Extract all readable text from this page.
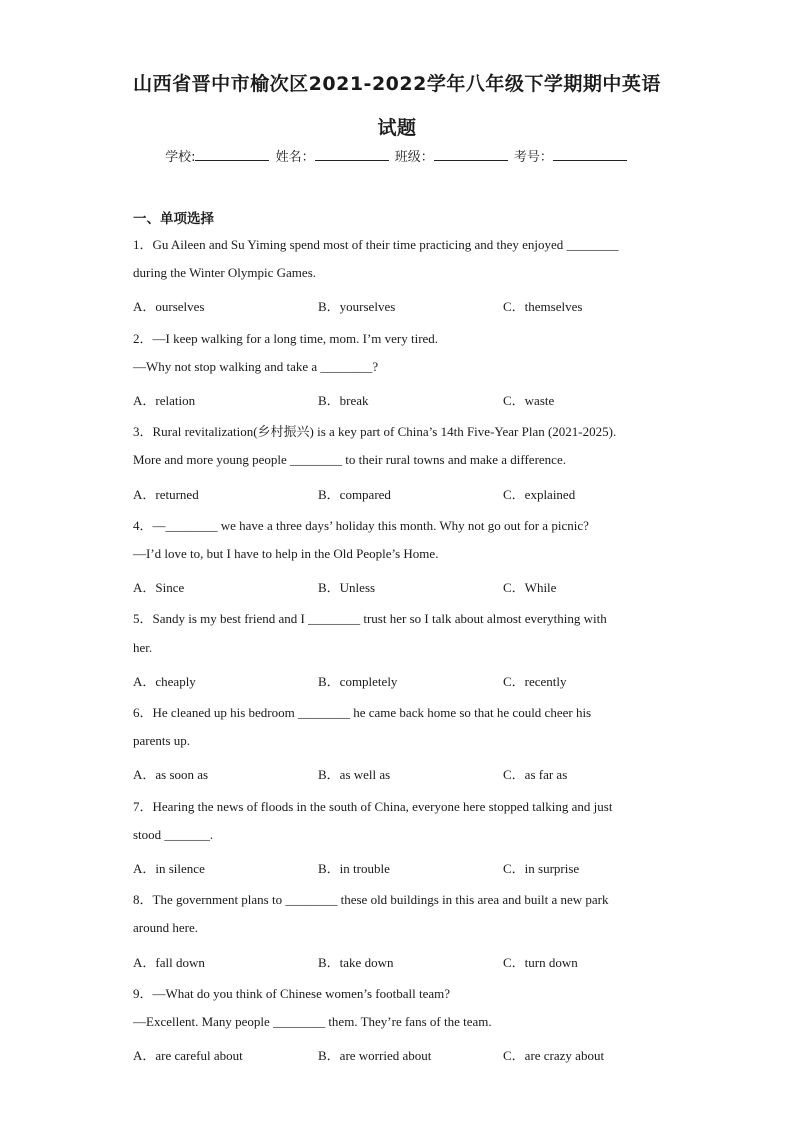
山西省晋中市榆次区2021-2022学年八年级下学期期中英语
试题
学校:	姓名：	班级：	考号：
一、单项选择
1．Gu Aileen and Su Yiming spend most of their time practicing and they enjoyed ________
during the Winter Olympic Games.
A．ourselves	B．yourselves	C．themselves
2．—I keep walking for a long time, mom. I’m very tired.
—Why not stop walking and take a ________?
A．relation	B．break	C．waste
3．Rural revitalization(乡村振兴) is a key part of China’s 14th Five-Year Plan (2021-2025).
More and more young people ________ to their rural towns and make a difference.
A．returned	B．compared	C．explained
4．—________ we have a three days’ holiday this month. Why not go out for a picnic?
—I’d love to, but I have to help in the Old People’s Home.
A．Since	B．Unless	C．While
5．Sandy is my best friend and I ________ trust her so I talk about almost everything with
her.
A．cheaply	B．completely	C．recently
6．He cleaned up his bedroom ________ he came back home so that he could cheer his
parents up.
A．as soon as	B．as well as	C．as far as
7．Hearing the news of floods in the south of China, everyone here stopped talking and just
stood _______.
A．in silence	B．in trouble	C．in surprise
8．The government plans to ________ these old buildings in this area and built a new park
around here.
A．fall down	B．take down	C．turn down
9．—What do you think of Chinese women’s football team?
—Excellent. Many people ________ them. They’re fans of the team.
A．are careful about	B．are worried about	C．are crazy about
